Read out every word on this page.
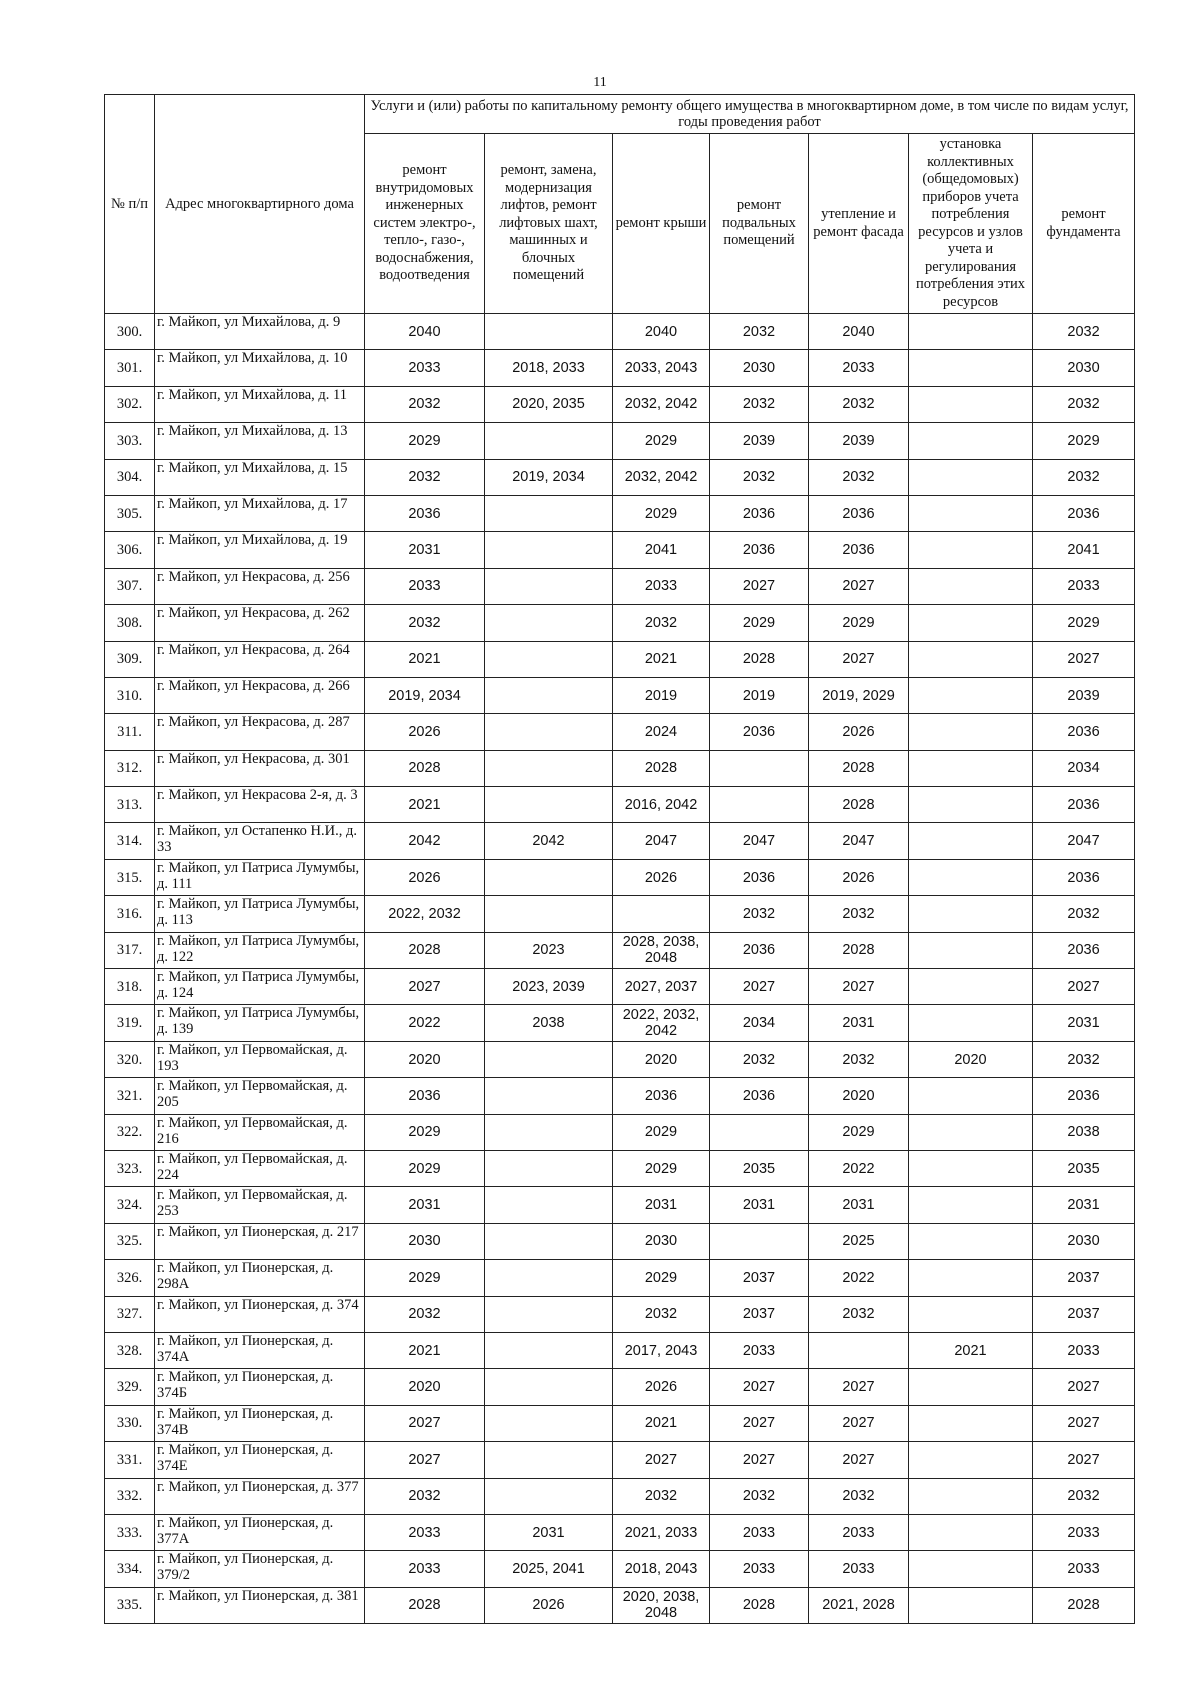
11
№ п/п	Адрес многоквартирного дома	Услуги и (или) работы по капитальному ремонту общего имущества в многоквартирном доме, в том числе по видам услуг, годы проведения работ						
		ремонт внутридомовых инженерных систем электро-, тепло-, газо-, водоснабжения, водоотведения	ремонт, замена, модернизация лифтов, ремонт лифтовых шахт, машинных и блочных помещений	ремонт крыши	ремонт подвальных помещений	утепление и ремонт фасада	установка коллективных (общедомовых) приборов учета потребления ресурсов и узлов учета и регулирования потребления этих ресурсов	ремонт фундамента
300.	г. Майкоп, ул Михайлова, д. 9	2040		2040	2032	2040		2032
301.	г. Майкоп, ул Михайлова, д. 10	2033	2018, 2033	2033, 2043	2030	2033		2030
302.	г. Майкоп, ул Михайлова, д. 11	2032	2020, 2035	2032, 2042	2032	2032		2032
303.	г. Майкоп, ул Михайлова, д. 13	2029		2029	2039	2039		2029
304.	г. Майкоп, ул Михайлова, д. 15	2032	2019, 2034	2032, 2042	2032	2032		2032
305.	г. Майкоп, ул Михайлова, д. 17	2036		2029	2036	2036		2036
306.	г. Майкоп, ул Михайлова, д. 19	2031		2041	2036	2036		2041
307.	г. Майкоп, ул Некрасова, д. 256	2033		2033	2027	2027		2033
308.	г. Майкоп, ул Некрасова, д. 262	2032		2032	2029	2029		2029
309.	г. Майкоп, ул Некрасова, д. 264	2021		2021	2028	2027		2027
310.	г. Майкоп, ул Некрасова, д. 266	2019, 2034		2019	2019	2019, 2029		2039
311.	г. Майкоп, ул Некрасова, д. 287	2026		2024	2036	2026		2036
312.	г. Майкоп, ул Некрасова, д. 301	2028		2028		2028		2034
313.	г. Майкоп, ул Некрасова 2-я, д. 3	2021		2016, 2042		2028		2036
314.	г. Майкоп, ул Остапенко Н.И., д. 33	2042	2042	2047	2047	2047		2047
315.	г. Майкоп, ул Патриса Лумумбы, д. 111	2026		2026	2036	2026		2036
316.	г. Майкоп, ул Патриса Лумумбы, д. 113	2022, 2032			2032	2032		2032
317.	г. Майкоп, ул Патриса Лумумбы, д. 122	2028	2023	2028, 2038, 2048	2036	2028		2036
318.	г. Майкоп, ул Патриса Лумумбы, д. 124	2027	2023, 2039	2027, 2037	2027	2027		2027
319.	г. Майкоп, ул Патриса Лумумбы, д. 139	2022	2038	2022, 2032, 2042	2034	2031		2031
320.	г. Майкоп, ул Первомайская, д. 193	2020		2020	2032	2032	2020	2032
321.	г. Майкоп, ул Первомайская, д. 205	2036		2036	2036	2020		2036
322.	г. Майкоп, ул Первомайская, д. 216	2029		2029		2029		2038
323.	г. Майкоп, ул Первомайская, д. 224	2029		2029	2035	2022		2035
324.	г. Майкоп, ул Первомайская, д. 253	2031		2031	2031	2031		2031
325.	г. Майкоп, ул Пионерская, д. 217	2030		2030		2025		2030
326.	г. Майкоп, ул Пионерская, д. 298А	2029		2029	2037	2022		2037
327.	г. Майкоп, ул Пионерская, д. 374	2032		2032	2037	2032		2037
328.	г. Майкоп, ул Пионерская, д. 374А	2021		2017, 2043	2033		2021	2033
329.	г. Майкоп, ул Пионерская, д. 374Б	2020		2026	2027	2027		2027
330.	г. Майкоп, ул Пионерская, д. 374В	2027		2021	2027	2027		2027
331.	г. Майкоп, ул Пионерская, д. 374Е	2027		2027	2027	2027		2027
332.	г. Майкоп, ул Пионерская, д. 377	2032		2032	2032	2032		2032
333.	г. Майкоп, ул Пионерская, д. 377А	2033	2031	2021, 2033	2033	2033		2033
334.	г. Майкоп, ул Пионерская, д. 379/2	2033	2025, 2041	2018, 2043	2033	2033		2033
335.	г. Майкоп, ул Пионерская, д. 381	2028	2026	2020, 2038, 2048	2028	2021, 2028		2028
